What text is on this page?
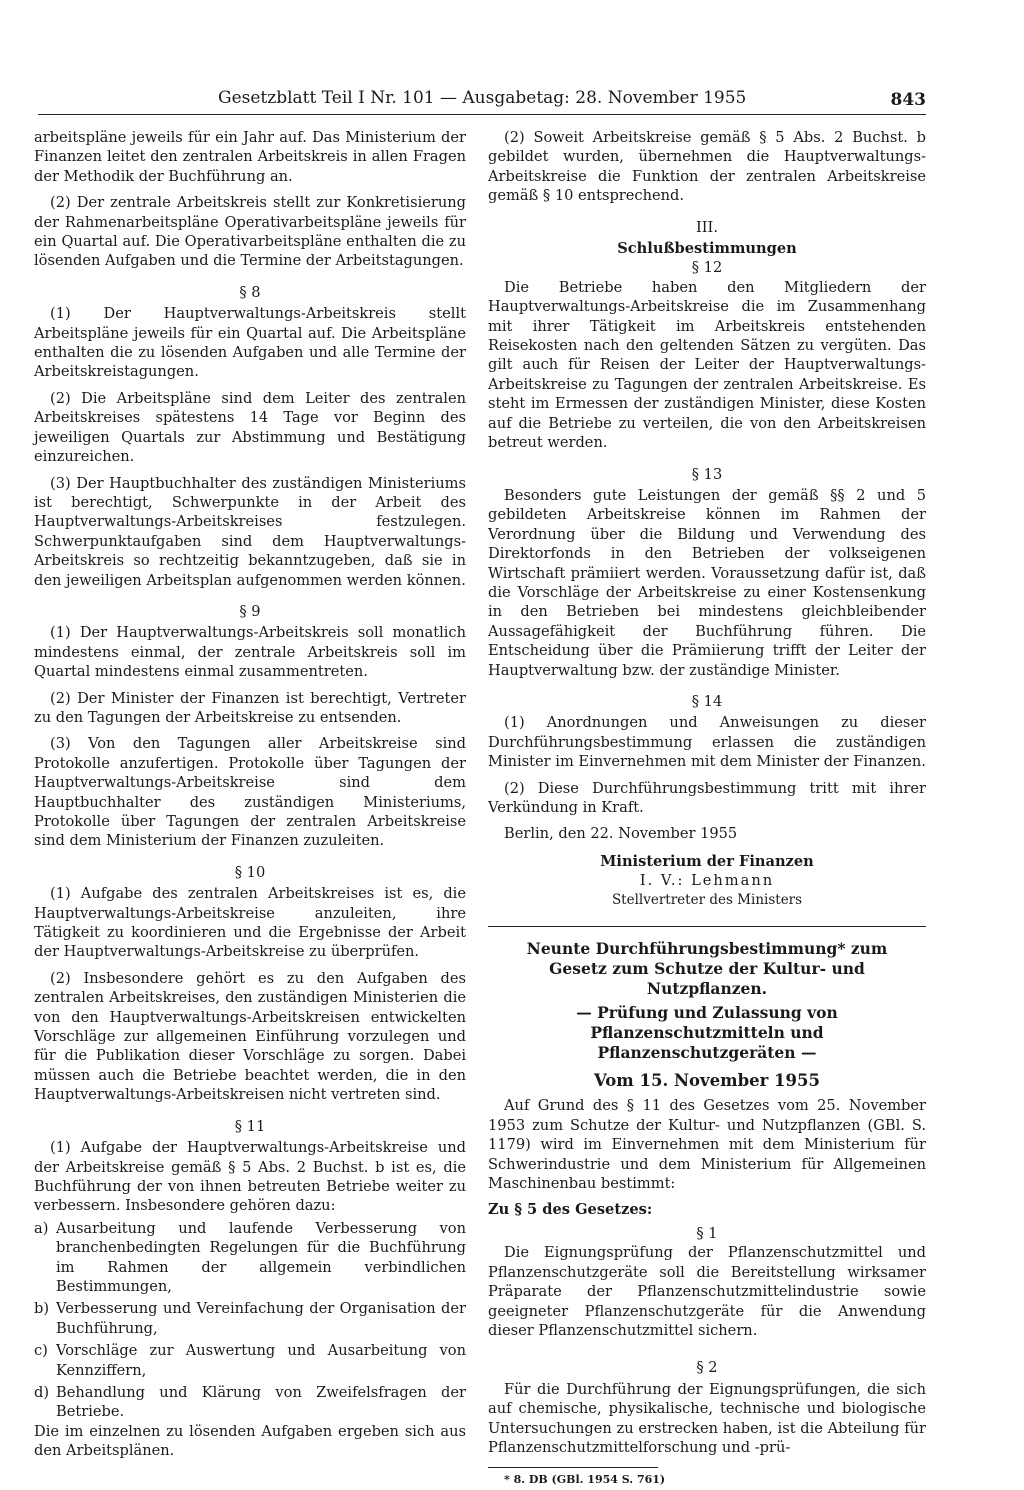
Gesetzblatt Teil I Nr. 101 — Ausgabetag: 28. November 1955	843

arbeitspläne jeweils für ein Jahr auf. Das Ministerium der Finanzen leitet den zentralen Arbeitskreis in allen Fragen der Methodik der Buchführung an.

(2) Der zentrale Arbeitskreis stellt zur Konkretisierung der Rahmenarbeitspläne Operativarbeitspläne jeweils für ein Quartal auf. Die Operativarbeitspläne enthalten die zu lösenden Aufgaben und die Termine der Arbeitstagungen.

§ 8

(1) Der Hauptverwaltungs-Arbeitskreis stellt Arbeitspläne jeweils für ein Quartal auf. Die Arbeitspläne enthalten die zu lösenden Aufgaben und alle Termine der Arbeitskreistagungen.

(2) Die Arbeitspläne sind dem Leiter des zentralen Arbeitskreises spätestens 14 Tage vor Beginn des jeweiligen Quartals zur Abstimmung und Bestätigung einzureichen.

(3) Der Hauptbuchhalter des zuständigen Ministeriums ist berechtigt, Schwerpunkte in der Arbeit des Hauptverwaltungs-Arbeitskreises festzulegen. Schwerpunktaufgaben sind dem Hauptverwaltungs-Arbeitskreis so rechtzeitig bekanntzugeben, daß sie in den jeweiligen Arbeitsplan aufgenommen werden können.

§ 9

(1) Der Hauptverwaltungs-Arbeitskreis soll monatlich mindestens einmal, der zentrale Arbeitskreis soll im Quartal mindestens einmal zusammentreten.

(2) Der Minister der Finanzen ist berechtigt, Vertreter zu den Tagungen der Arbeitskreise zu entsenden.

(3) Von den Tagungen aller Arbeitskreise sind Protokolle anzufertigen. Protokolle über Tagungen der Hauptverwaltungs-Arbeitskreise sind dem Hauptbuchhalter des zuständigen Ministeriums, Protokolle über Tagungen der zentralen Arbeitskreise sind dem Ministerium der Finanzen zuzuleiten.

§ 10

(1) Aufgabe des zentralen Arbeitskreises ist es, die Hauptverwaltungs-Arbeitskreise anzuleiten, ihre Tätigkeit zu koordinieren und die Ergebnisse der Arbeit der Hauptverwaltungs-Arbeitskreise zu überprüfen.

(2) Insbesondere gehört es zu den Aufgaben des zentralen Arbeitskreises, den zuständigen Ministerien die von den Hauptverwaltungs-Arbeitskreisen entwickelten Vorschläge zur allgemeinen Einführung vorzulegen und für die Publikation dieser Vorschläge zu sorgen. Dabei müssen auch die Betriebe beachtet werden, die in den Hauptverwaltungs-Arbeitskreisen nicht vertreten sind.

§ 11

(1) Aufgabe der Hauptverwaltungs-Arbeitskreise und der Arbeitskreise gemäß § 5 Abs. 2 Buchst. b ist es, die Buchführung der von ihnen betreuten Betriebe weiter zu verbessern. Insbesondere gehören dazu:

a) Ausarbeitung und laufende Verbesserung von branchenbedingten Regelungen für die Buchführung im Rahmen der allgemein verbindlichen Bestimmungen,
b) Verbesserung und Vereinfachung der Organisation der Buchführung,
c) Vorschläge zur Auswertung und Ausarbeitung von Kennziffern,
d) Behandlung und Klärung von Zweifelsfragen der Betriebe.

Die im einzelnen zu lösenden Aufgaben ergeben sich aus den Arbeitsplänen.

(2) Soweit Arbeitskreise gemäß § 5 Abs. 2 Buchst. b gebildet wurden, übernehmen die Hauptverwaltungs-Arbeitskreise die Funktion der zentralen Arbeitskreise gemäß § 10 entsprechend.

III.
Schlußbestimmungen
§ 12

Die Betriebe haben den Mitgliedern der Hauptverwaltungs-Arbeitskreise die im Zusammenhang mit ihrer Tätigkeit im Arbeitskreis entstehenden Reisekosten nach den geltenden Sätzen zu vergüten. Das gilt auch für Reisen der Leiter der Hauptverwaltungs-Arbeitskreise zu Tagungen der zentralen Arbeitskreise. Es steht im Ermessen der zuständigen Minister, diese Kosten auf die Betriebe zu verteilen, die von den Arbeitskreisen betreut werden.

§ 13

Besonders gute Leistungen der gemäß §§ 2 und 5 gebildeten Arbeitskreise können im Rahmen der Verordnung über die Bildung und Verwendung des Direktorfonds in den Betrieben der volkseigenen Wirtschaft prämiiert werden. Voraussetzung dafür ist, daß die Vorschläge der Arbeitskreise zu einer Kostensenkung in den Betrieben bei mindestens gleichbleibender Aussagefähigkeit der Buchführung führen. Die Entscheidung über die Prämiierung trifft der Leiter der Hauptverwaltung bzw. der zuständige Minister.

§ 14

(1) Anordnungen und Anweisungen zu dieser Durchführungsbestimmung erlassen die zuständigen Minister im Einvernehmen mit dem Minister der Finanzen.

(2) Diese Durchführungsbestimmung tritt mit ihrer Verkündung in Kraft.

Berlin, den 22. November 1955

Ministerium der Finanzen
I. V.: Lehmann
Stellvertreter des Ministers
Neunte Durchführungsbestimmung* zum Gesetz zum Schutze der Kultur- und Nutzpflanzen.
— Prüfung und Zulassung von Pflanzenschutzmitteln und Pflanzenschutzgeräten —
Vom 15. November 1955

Auf Grund des § 11 des Gesetzes vom 25. November 1953 zum Schutze der Kultur- und Nutzpflanzen (GBl. S. 1179) wird im Einvernehmen mit dem Ministerium für Schwerindustrie und dem Ministerium für Allgemeinen Maschinenbau bestimmt:

Zu § 5 des Gesetzes:

§ 1

Die Eignungsprüfung der Pflanzenschutzmittel und Pflanzenschutzgeräte soll die Bereitstellung wirksamer Präparate der Pflanzenschutzmittelindustrie sowie geeigneter Pflanzenschutzgeräte für die Anwendung dieser Pflanzenschutzmittel sichern.

§ 2

Für die Durchführung der Eignungsprüfungen, die sich auf chemische, physikalische, technische und biologische Untersuchungen zu erstrecken haben, ist die Abteilung für Pflanzenschutzmittelforschung und -prü-

* 8. DB (GBl. 1954 S. 761)
